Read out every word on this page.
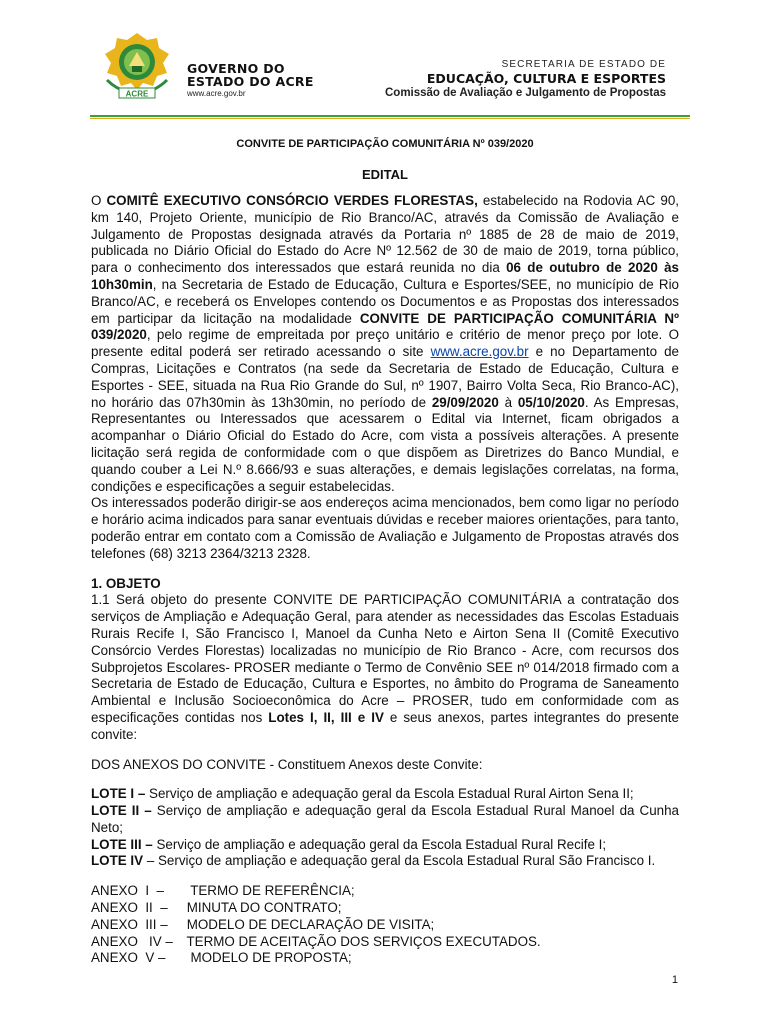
ACRE
GOVERNO DO
ESTADO DO ACRE
www.acre.gov.br
SECRETARIA DE ESTADO DE
EDUCAÇÃO, CULTURA E ESPORTES
Comissão de Avaliação e Julgamento de Propostas
CONVITE DE PARTICIPAÇÃO COMUNITÁRIA Nº 039/2020
EDITAL

O COMITÊ EXECUTIVO CONSÓRCIO VERDES FLORESTAS, estabelecido na Rodovia AC 90, km 140, Projeto Oriente, município de Rio Branco/AC, através da Comissão de Avaliação e Julgamento de Propostas designada através da Portaria nº 1885 de 28 de maio de 2019, publicada no Diário Oficial do Estado do Acre Nº 12.562 de 30 de maio de 2019, torna público, para o conhecimento dos interessados que estará reunida no dia 06 de outubro de 2020 às 10h30min, na Secretaria de Estado de Educação, Cultura e Esportes/SEE, no município de Rio Branco/AC, e receberá os Envelopes contendo os Documentos e as Propostas dos interessados em participar da licitação na modalidade CONVITE DE PARTICIPAÇÃO COMUNITÁRIA Nº 039/2020, pelo regime de empreitada por preço unitário e critério de menor preço por lote. O presente edital poderá ser retirado acessando o site www.acre.gov.br e no Departamento de Compras, Licitações e Contratos (na sede da Secretaria de Estado de Educação, Cultura e Esportes - SEE, situada na Rua Rio Grande do Sul, nº 1907, Bairro Volta Seca, Rio Branco-AC), no horário das 07h30min às 13h30min, no período de 29/09/2020 à 05/10/2020. As Empresas, Representantes ou Interessados que acessarem o Edital via Internet, ficam obrigados a acompanhar o Diário Oficial do Estado do Acre, com vista a possíveis alterações. A presente licitação será regida de conformidade com o que dispõem as Diretrizes do Banco Mundial, e quando couber a Lei N.º 8.666/93 e suas alterações, e demais legislações correlatas, na forma, condições e especificações a seguir estabelecidas.

Os interessados poderão dirigir-se aos endereços acima mencionados, bem como ligar no período e horário acima indicados para sanar eventuais dúvidas e receber maiores orientações, para tanto, poderão entrar em contato com a Comissão de Avaliação e Julgamento de Propostas através dos telefones (68) 3213 2364/3213 2328.

1. OBJETO

1.1 Será objeto do presente CONVITE DE PARTICIPAÇÃO COMUNITÁRIA a contratação dos serviços de Ampliação e Adequação Geral, para atender as necessidades das Escolas Estaduais Rurais Recife I, São Francisco I, Manoel da Cunha Neto e Airton Sena II (Comitê Executivo Consórcio Verdes Florestas) localizadas no município de Rio Branco - Acre, com recursos dos Subprojetos Escolares- PROSER mediante o Termo de Convênio SEE nº 014/2018 firmado com a Secretaria de Estado de Educação, Cultura e Esportes, no âmbito do Programa de Saneamento Ambiental e Inclusão Socioeconômica do Acre – PROSER, tudo em conformidade com as especificações contidas nos Lotes I, II, III e IV e seus anexos, partes integrantes do presente convite:

DOS ANEXOS DO CONVITE - Constituem Anexos deste Convite:

LOTE I – Serviço de ampliação e adequação geral da Escola Estadual Rural Airton Sena II;

LOTE II – Serviço de ampliação e adequação geral da Escola Estadual Rural Manoel da Cunha Neto;

LOTE III – Serviço de ampliação e adequação geral da Escola Estadual Rural Recife I;

LOTE IV – Serviço de ampliação e adequação geral da Escola Estadual Rural São Francisco I.

ANEXO  I  –	TERMO DE REFERÊNCIA;
ANEXO  II  –	MINUTA DO CONTRATO;
ANEXO  III –	MODELO DE DECLARAÇÃO DE VISITA;
ANEXO   IV – TERMO DE ACEITAÇÃO DOS SERVIÇOS EXECUTADOS.
ANEXO  V –	MODELO DE PROPOSTA;
1
